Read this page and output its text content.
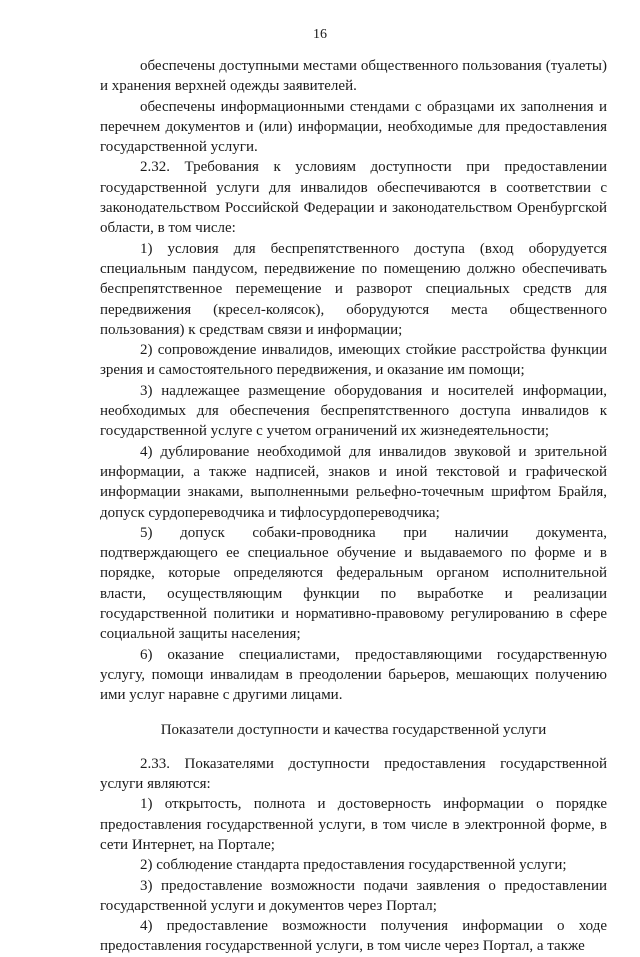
16

обеспечены доступными местами общественного пользования (туалеты) и хранения верхней одежды заявителей.

обеспечены информационными стендами с образцами их заполнения и перечнем документов и (или) информации, необходимые для предоставления государственной услуги.

2.32. Требования к условиям доступности при предоставлении государственной услуги для инвалидов обеспечиваются в соответствии с законодательством Российской Федерации и законодательством Оренбургской области, в том числе:

1) условия для беспрепятственного доступа (вход оборудуется специальным пандусом, передвижение по помещению должно обеспечивать беспрепятственное перемещение и разворот специальных средств для передвижения (кресел-колясок), оборудуются места общественного пользования) к средствам связи и информации;

2) сопровождение инвалидов, имеющих стойкие расстройства функции зрения и самостоятельного передвижения, и оказание им помощи;

3) надлежащее размещение оборудования и носителей информации, необходимых для обеспечения беспрепятственного доступа инвалидов к государственной услуге с учетом ограничений их жизнедеятельности;

4) дублирование необходимой для инвалидов звуковой и зрительной информации, а также надписей, знаков и иной текстовой и графической информации знаками, выполненными рельефно-точечным шрифтом Брайля, допуск сурдопереводчика и тифлосурдопереводчика;

5) допуск собаки-проводника при наличии документа, подтверждающего ее специальное обучение и выдаваемого по форме и в порядке, которые определяются федеральным органом исполнительной власти, осуществляющим функции по выработке и реализации государственной политики и нормативно-правовому регулированию в сфере социальной защиты населения;

6) оказание специалистами, предоставляющими государственную услугу, помощи инвалидам в преодолении барьеров, мешающих получению ими услуг наравне с другими лицами.

Показатели доступности и качества государственной услуги

2.33. Показателями доступности предоставления государственной услуги являются:

1) открытость, полнота и достоверность информации о порядке предоставления государственной услуги, в том числе в электронной форме, в сети Интернет, на Портале;

2) соблюдение стандарта предоставления государственной услуги;

3) предоставление возможности подачи заявления о предоставлении государственной услуги и документов через Портал;

4) предоставление возможности получения информации о ходе предоставления государственной услуги, в том числе через Портал, а также
